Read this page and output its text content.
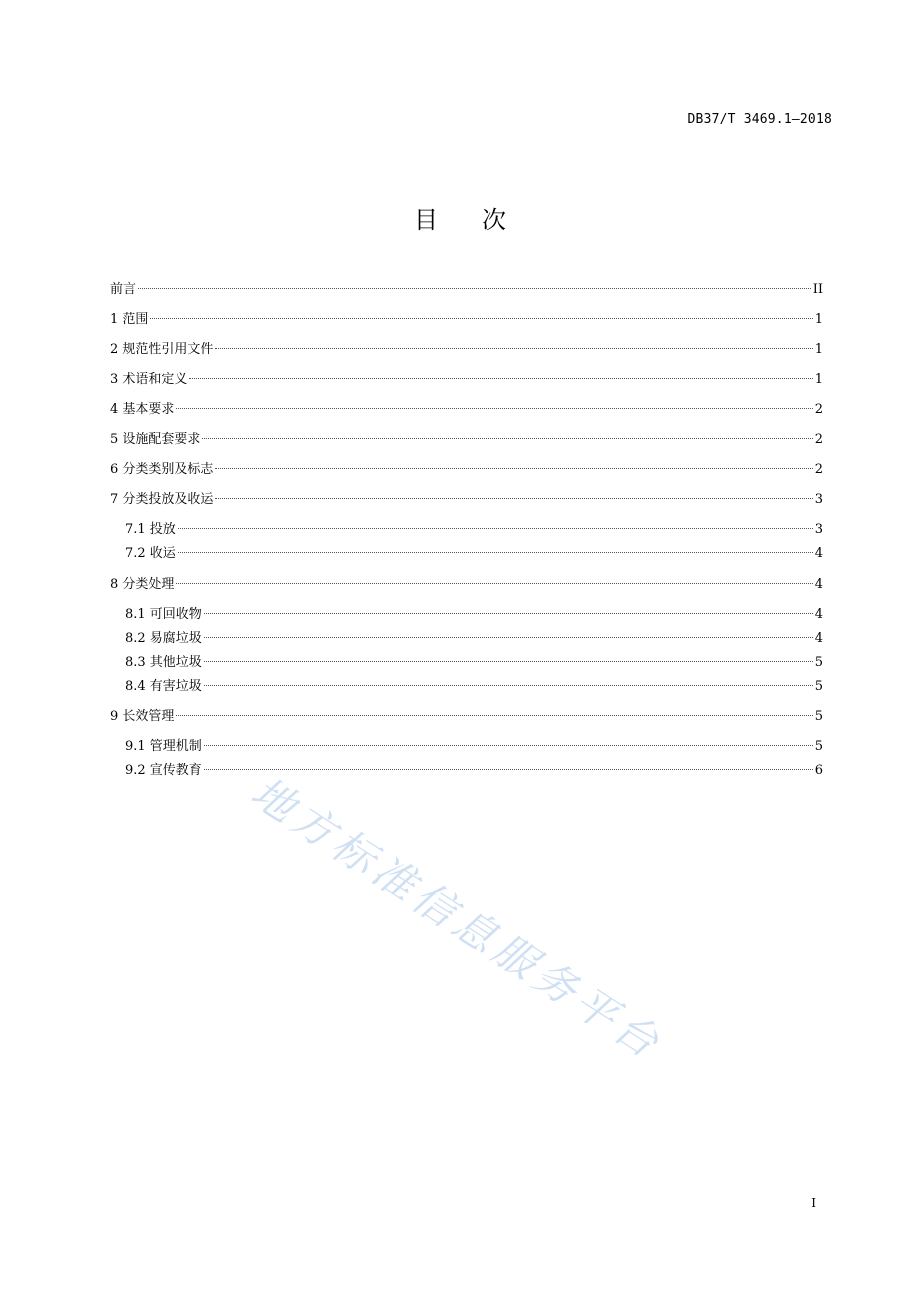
DB37/T 3469.1—2018
目次
前言	II
1 范围	1
2 规范性引用文件	1
3 术语和定义	1
4 基本要求	2
5 设施配套要求	2
6 分类类别及标志	2
7 分类投放及收运	3
7.1 投放	3
7.2 收运	4
8 分类处理	4
8.1 可回收物	4
8.2 易腐垃圾	4
8.3 其他垃圾	5
8.4 有害垃圾	5
9 长效管理	5
9.1 管理机制	5
9.2 宣传教育	6
I
地方标准信息服务平台
